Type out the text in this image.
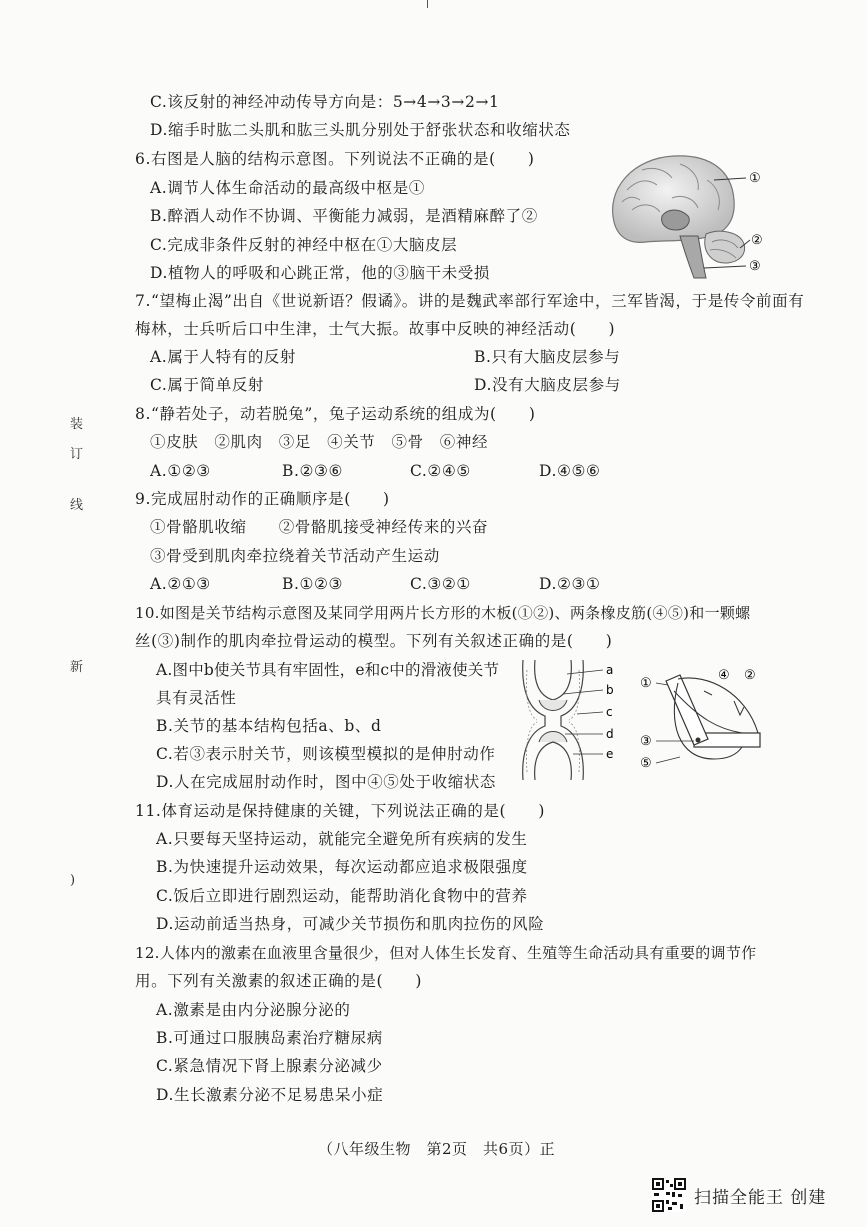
装
订
线
新
)
C.该反射的神经冲动传导方向是：5→4→3→2→1
D.缩手时肱二头肌和肱三头肌分别处于舒张状态和收缩状态
6.右图是人脑的结构示意图。下列说法不正确的是(　　)
A.调节人体生命活动的最高级中枢是①
B.醉酒人动作不协调、平衡能力减弱，是酒精麻醉了②
C.完成非条件反射的神经中枢在①大脑皮层
D.植物人的呼吸和心跳正常，他的③脑干未受损
7.“望梅止渴”出自《世说新语？假谲》。讲的是魏武率部行军途中，三军皆渴，于是传令前面有
梅林，士兵听后口中生津，士气大振。故事中反映的神经活动(　　)
A.属于人特有的反射	B.只有大脑皮层参与
C.属于简单反射	D.没有大脑皮层参与
8.“静若处子，动若脱兔”，兔子运动系统的组成为(　　)
①皮肤　②肌肉　③足　④关节　⑤骨　⑥神经
A.①②③	B.②③⑥	C.②④⑤	D.④⑤⑥
9.完成屈肘动作的正确顺序是(　　)
①骨骼肌收缩　　②骨骼肌接受神经传来的兴奋
③骨受到肌肉牵拉绕着关节活动产生运动
A.②①③	B.①②③	C.③②①	D.②③①
10.如图是关节结构示意图及某同学用两片长方形的木板(①②)、两条橡皮筋(④⑤)和一颗螺
丝(③)制作的肌肉牵拉骨运动的模型。下列有关叙述正确的是(　　)
A.图中b使关节具有牢固性，e和c中的滑液使关节
具有灵活性
B.关节的基本结构包括a、b、d
C.若③表示肘关节，则该模型模拟的是伸肘动作
D.人在完成屈肘动作时，图中④⑤处于收缩状态
11.体育运动是保持健康的关键，下列说法正确的是(　　)
A.只要每天坚持运动，就能完全避免所有疾病的发生
B.为快速提升运动效果，每次运动都应追求极限强度
C.饭后立即进行剧烈运动，能帮助消化食物中的营养
D.运动前适当热身，可减少关节损伤和肌肉拉伤的风险
12.人体内的激素在血液里含量很少，但对人体生长发育、生殖等生命活动具有重要的调节作
用。下列有关激素的叙述正确的是(　　)
A.激素是由内分泌腺分泌的
B.可通过口服胰岛素治疗糖尿病
C.紧急情况下肾上腺素分泌减少
D.生长激素分泌不足易患呆小症
①
②
③
a
b
c
d
e
①
④ ②
③
⑤
（八年级生物　第2页　共6页）正
扫描全能王 创建
